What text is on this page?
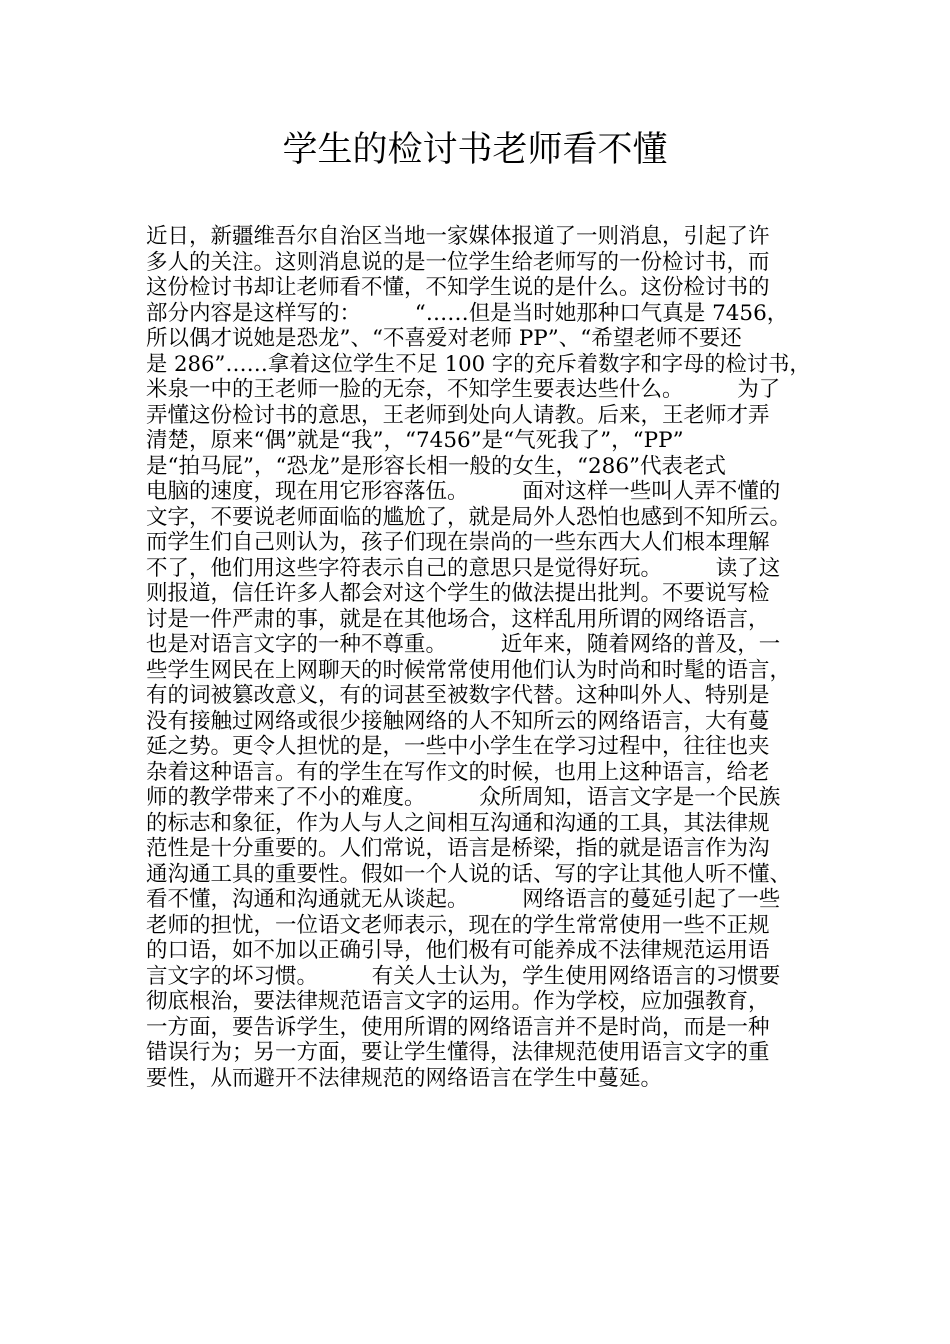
学生的检讨书老师看不懂
近日，新疆维吾尔自治区当地一家媒体报道了一则消息，引起了许
多人的关注。这则消息说的是一位学生给老师写的一份检讨书，而
这份检讨书却让老师看不懂，不知学生说的是什么。这份检讨书的
部分内容是这样写的：　　　“……但是当时她那种口气真是 7456，
所以偶才说她是恐龙”、“不喜爱对老师 PP”、“希望老师不要还
是 286”……拿着这位学生不足 100 字的充斥着数字和字母的检讨书，
米泉一中的王老师一脸的无奈，不知学生要表达些什么。　　　为了
弄懂这份检讨书的意思，王老师到处向人请教。后来，王老师才弄
清楚，原来“偶”就是“我”，“7456”是“气死我了”，“PP”
是“拍马屁”，“恐龙”是形容长相一般的女生，“286”代表老式
电脑的速度，现在用它形容落伍。　　　面对这样一些叫人弄不懂的
文字，不要说老师面临的尴尬了，就是局外人恐怕也感到不知所云。
而学生们自己则认为，孩子们现在崇尚的一些东西大人们根本理解
不了，他们用这些字符表示自己的意思只是觉得好玩。　　　读了这
则报道，信任许多人都会对这个学生的做法提出批判。不要说写检
讨是一件严肃的事，就是在其他场合，这样乱用所谓的网络语言，
也是对语言文字的一种不尊重。　　　近年来，随着网络的普及，一
些学生网民在上网聊天的时候常常使用他们认为时尚和时髦的语言，
有的词被篡改意义，有的词甚至被数字代替。这种叫外人、特别是
没有接触过网络或很少接触网络的人不知所云的网络语言，大有蔓
延之势。更令人担忧的是，一些中小学生在学习过程中，往往也夹
杂着这种语言。有的学生在写作文的时候，也用上这种语言，给老
师的教学带来了不小的难度。　　　众所周知，语言文字是一个民族
的标志和象征，作为人与人之间相互沟通和沟通的工具，其法律规
范性是十分重要的。人们常说，语言是桥梁，指的就是语言作为沟
通沟通工具的重要性。假如一个人说的话、写的字让其他人听不懂、
看不懂，沟通和沟通就无从谈起。　　　网络语言的蔓延引起了一些
老师的担忧，一位语文老师表示，现在的学生常常使用一些不正规
的口语，如不加以正确引导，他们极有可能养成不法律规范运用语
言文字的坏习惯。　　　有关人士认为，学生使用网络语言的习惯要
彻底根治，要法律规范语言文字的运用。作为学校，应加强教育，
一方面，要告诉学生，使用所谓的网络语言并不是时尚，而是一种
错误行为；另一方面，要让学生懂得，法律规范使用语言文字的重
要性，从而避开不法律规范的网络语言在学生中蔓延。
